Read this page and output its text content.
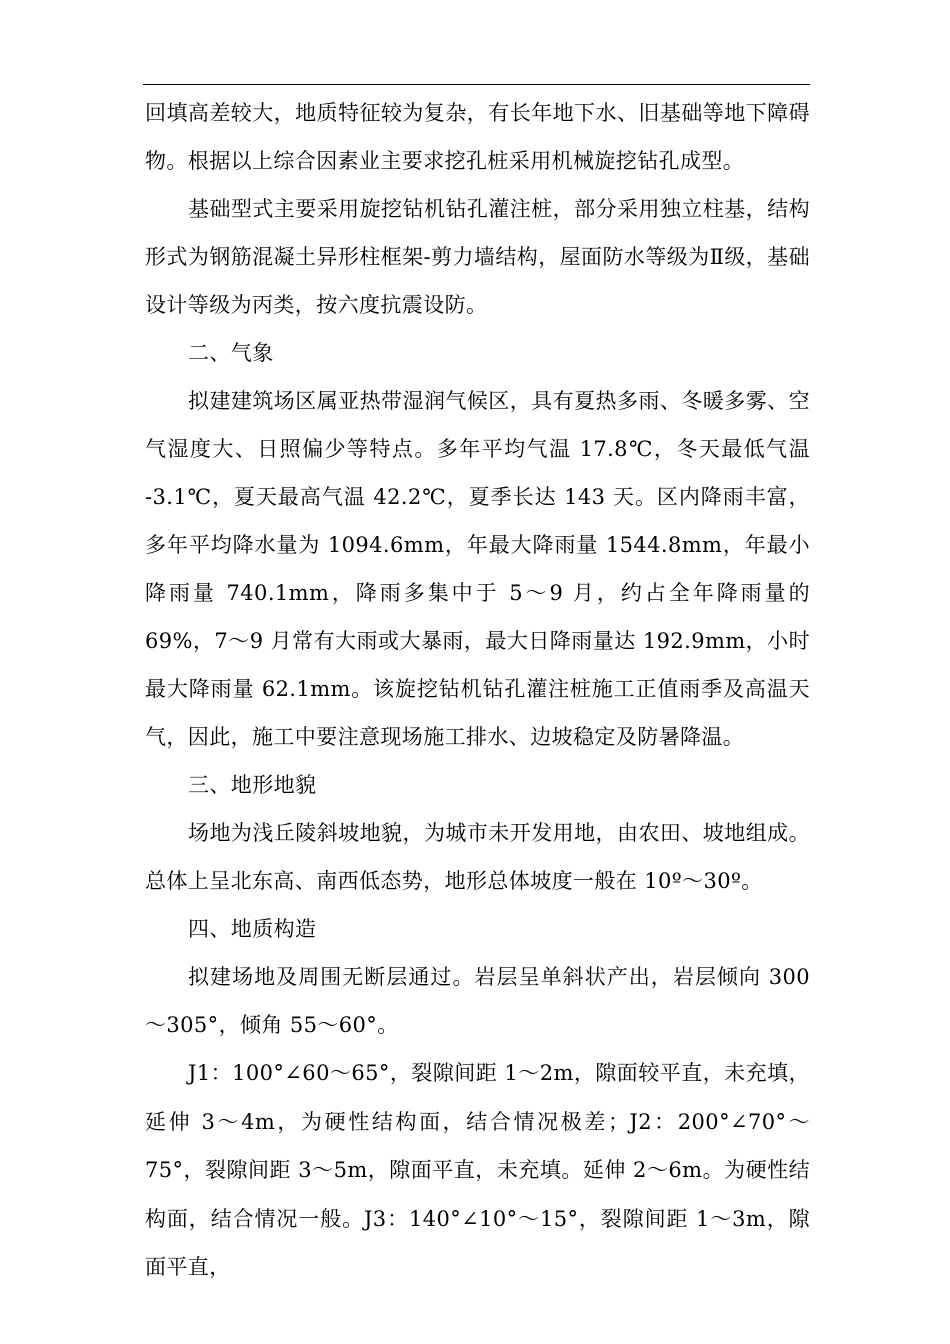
回填高差较大，地质特征较为复杂，有长年地下水、旧基础等地下障碍物。根据以上综合因素业主要求挖孔桩采用机械旋挖钻孔成型。

基础型式主要采用旋挖钻机钻孔灌注桩，部分采用独立柱基，结构形式为钢筋混凝土异形柱框架-剪力墙结构，屋面防水等级为Ⅱ级，基础设计等级为丙类，按六度抗震设防。

二、气象

拟建建筑场区属亚热带湿润气候区，具有夏热多雨、冬暖多雾、空气湿度大、日照偏少等特点。多年平均气温 17.8℃，冬天最低气温 -3.1℃，夏天最高气温 42.2℃，夏季长达 143 天。区内降雨丰富，多年平均降水量为 1094.6mm，年最大降雨量 1544.8mm，年最小降雨量 740.1mm，降雨多集中于 5～9 月，约占全年降雨量的 69%，7～9 月常有大雨或大暴雨，最大日降雨量达 192.9mm，小时最大降雨量 62.1mm。该旋挖钻机钻孔灌注桩施工正值雨季及高温天气，因此，施工中要注意现场施工排水、边坡稳定及防暑降温。

三、地形地貌

场地为浅丘陵斜坡地貌，为城市未开发用地，由农田、坡地组成。总体上呈北东高、南西低态势，地形总体坡度一般在 10º～30º。

四、地质构造

拟建场地及周围无断层通过。岩层呈单斜状产出，岩层倾向 300～305°，倾角 55～60°。

J1：100°∠60～65°，裂隙间距 1～2m，隙面较平直，未充填，延伸 3～4m，为硬性结构面，结合情况极差；J2：200°∠70°～75°，裂隙间距 3～5m，隙面平直，未充填。延伸 2～6m。为硬性结构面，结合情况一般。J3：140°∠10°～15°，裂隙间距 1～3m，隙面平直，
